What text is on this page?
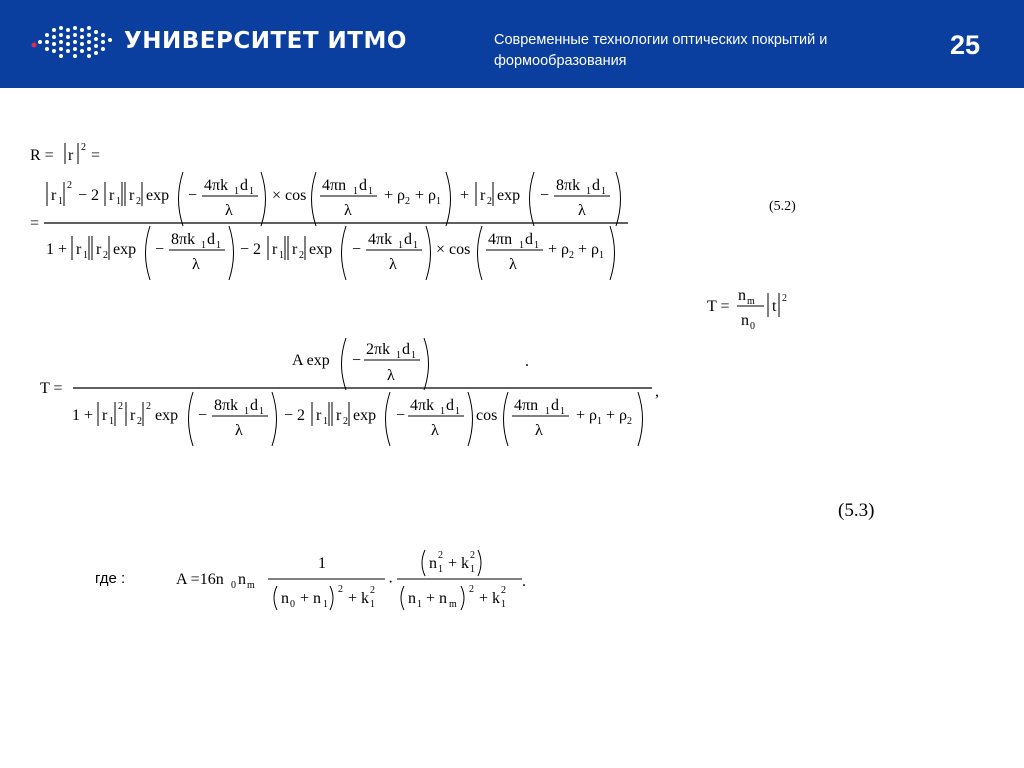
УНИВЕРСИТЕТ ИТМО	Современные технологии оптических покрытий и
формообразования
25
R = r 2 =
=
r 1
2
− 2 r 1 r 2 exp −
4πk 1 d 1
λ
× cos
4πn 1 d 1
λ
+ ρ 2 + ρ 1 + r 2 exp −
8πk 1 d 1
λ
1 + r 1 r 2 exp −
8πk 1 d 1
λ
− 2 r 1 r 2 exp −
4πk 1 d 1
λ
× cos
4πn 1 d 1
λ
+ ρ 2 + ρ 1
T =
n m
n 0
t 2
T =	,
A exp −
2πk 1 d 1
λ
.
1 + r 1
2
r 2
2
exp −
8πk 1 d 1
λ
− 2 r 1 r 2 exp −
4πk 1 d 1
λ
cos
4πn 1 d 1
λ
+ ρ 1 + ρ 2
A =16n 0 n m
1
n 0 + n 1
2
+ k 1
2 ·
n 1
2 + k 1
2
n 1 + n m
2
+ k 1
2
.
(5.2)
(5.3)
где :
